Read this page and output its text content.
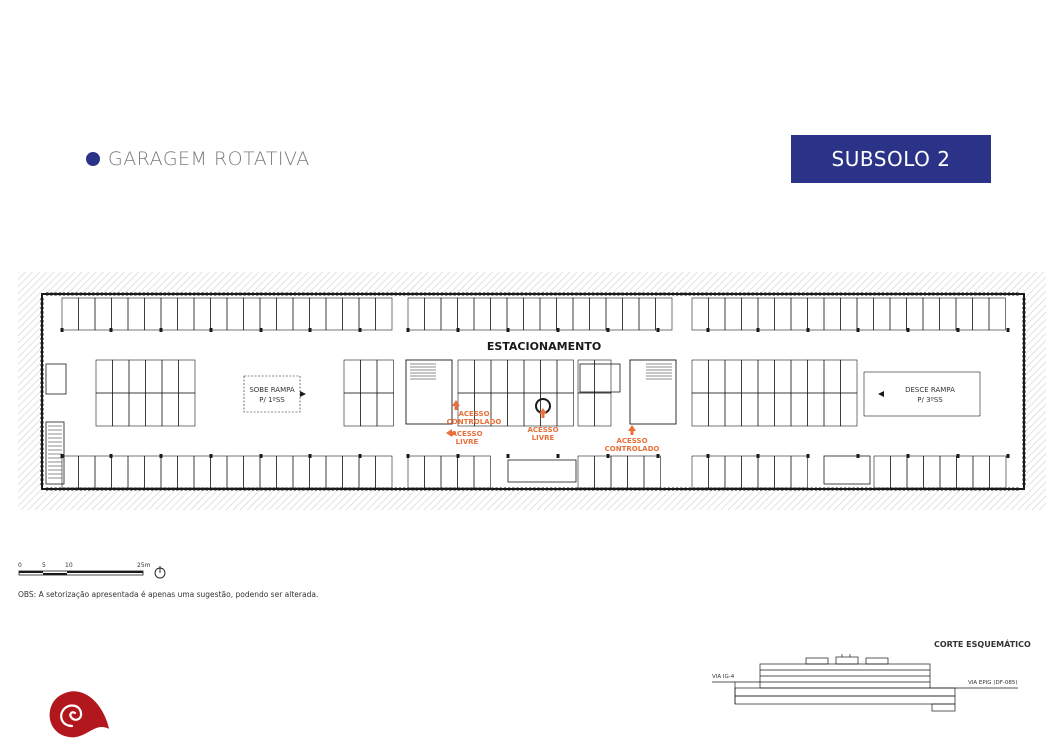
GARAGEM ROTATIVA	SUBSOLO 2
ESTACIONAMENTO
SOBE RAMPA
P/ 1ºSS
DESCE RAMPA
P/ 3ºSS
ACESSO
CONTROLADO
ACESSO
LIVRE
ACESSO
LIVRE	ACESSO
CONTROLADO
0	5	10	25m
OBS: A setorização apresentada é apenas uma sugestão, podendo ser alterada.
CORTE ESQUEMÁTICO
VIA IG-4
VIA EPIG (DF-085)
